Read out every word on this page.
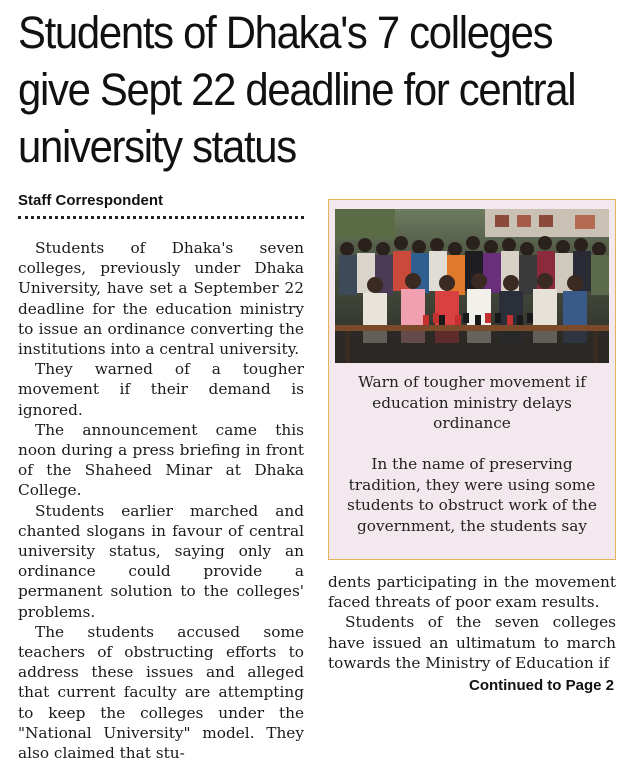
Students of Dhaka's 7 colleges give Sept 22 deadline for central university status
Staff Correspondent

Students of Dhaka's seven colleges, previously under Dhaka University, have set a September 22 deadline for the education ministry to issue an ordinance converting the institutions into a central university.

They warned of a tougher movement if their demand is ignored.

The announcement came this noon during a press briefing in front of the Shaheed Minar at Dhaka College.

Students earlier marched and chanted slogans in favour of central university status, saying only an ordinance could provide a permanent solution to the colleges' problems.

The students accused some teachers of obstructing efforts to address these issues and alleged that current faculty are attempting to keep the colleges under the "National University" model. They also claimed that stu-

Warn of tougher movement if education ministry delays ordinance
In the name of preserving tradition, they were using some students to obstruct work of the government, the students say

dents participating in the movement faced threats of poor exam results.

Students of the seven colleges have issued an ultimatum to march towards the Ministry of Education if

Continued to Page 2
